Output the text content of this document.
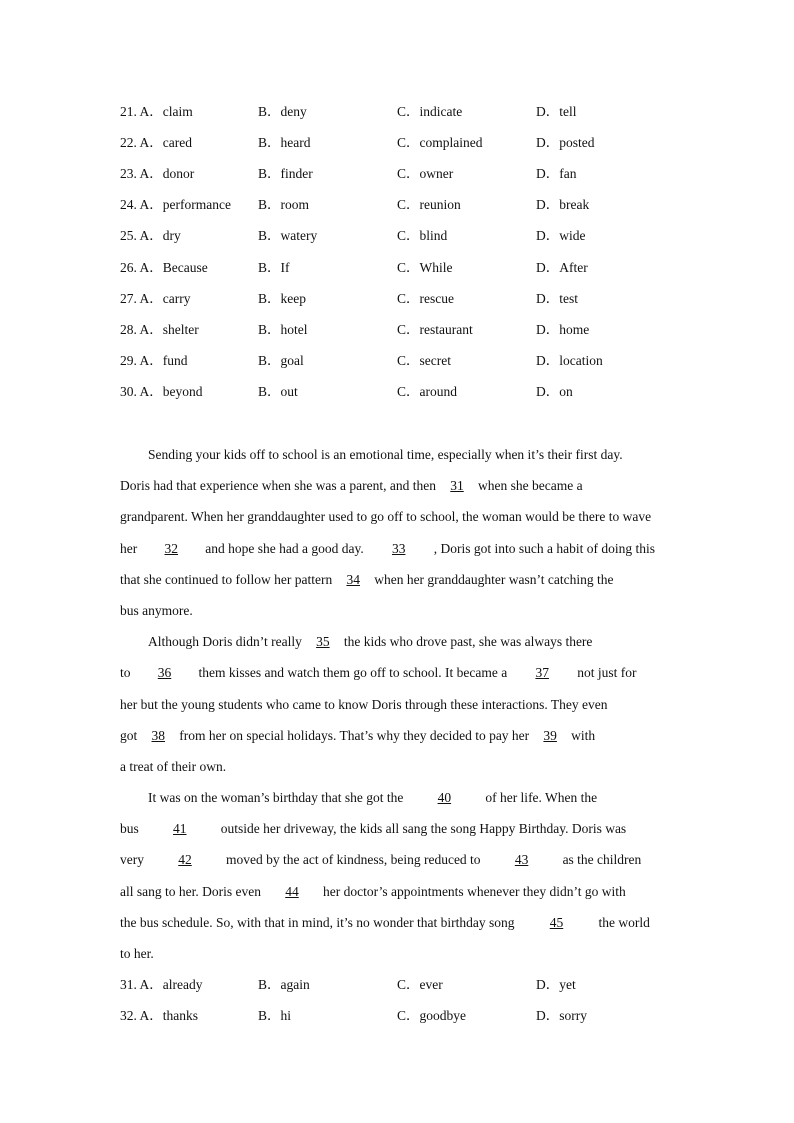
21. A．claim	B．deny	C．indicate	D．tell
22. A．cared	B．heard	C．complained	D．posted
23. A．donor	B．finder	C．owner	D．fan
24. A．performance B．room	C．reunion	D．break
25. A．dry	B．watery	C．blind	D．wide
26. A．Because	B．If	C．While	D．After
27. A．carry	B．keep	C．rescue	D．test
28. A．shelter	B．hotel	C．restaurant	D．home
29. A．fund	B．goal	C．secret	D．location
30. A．beyond	B．out	C．around	D．on
Sending your kids off to school is an emotional time, especially when it’s their first day.
Doris had that experience when she was a parent, and then 31 when she became a
grandparent. When her granddaughter used to go off to school, the woman would be there to wave
her 32 and hope she had a good day. 33 , Doris got into such a habit of doing this
that she continued to follow her pattern 34 when her granddaughter wasn’t catching the
bus anymore.
Although Doris didn’t really 35 the kids who drove past, she was always there
to 36 them kisses and watch them go off to school. It became a 37 not just for
her but the young students who came to know Doris through these interactions. They even
got 38 from her on special holidays. That’s why they decided to pay her 39 with
a treat of their own.
It was on the woman’s birthday that she got the	40	of her life. When the
bus	41	outside her driveway, the kids all sang the song Happy Birthday. Doris was
very	42	moved by the act of kindness, being reduced to	43	as the children
all sang to her. Doris even 44 her doctor’s appointments whenever they didn’t go with
the bus schedule. So, with that in mind, it’s no wonder that birthday song	45	the world
to her.
31. A．already	B．again	C．ever	D．yet
32. A．thanks	B．hi	C．goodbye	D．sorry
